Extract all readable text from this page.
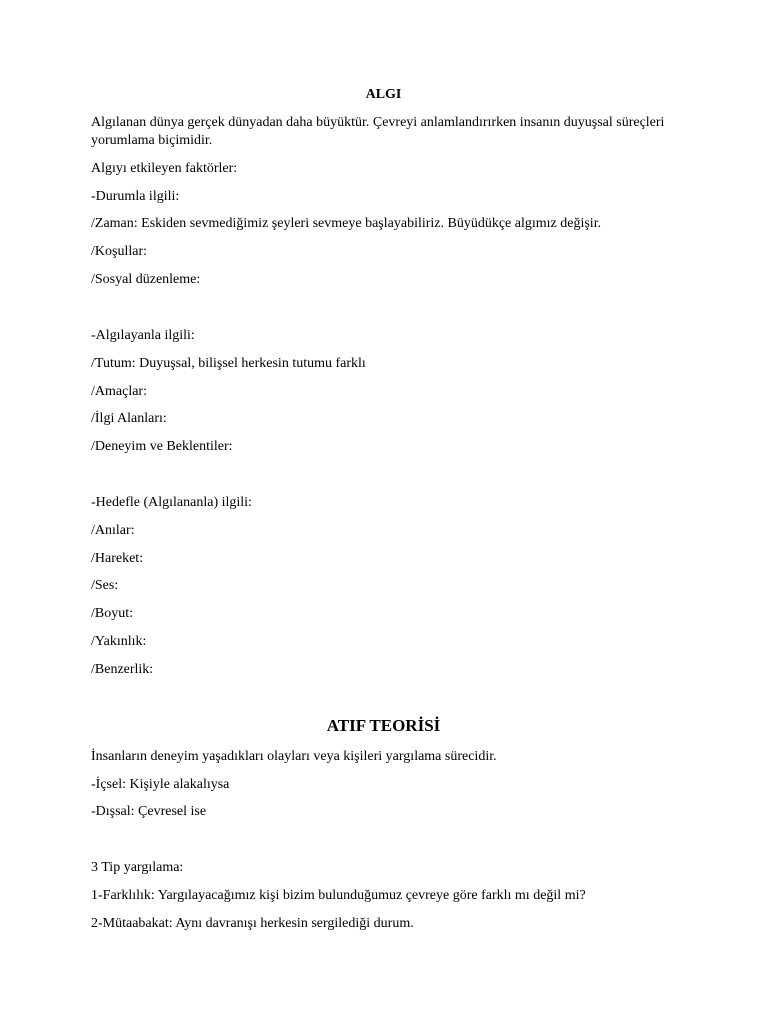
ALGI
Algılanan dünya gerçek dünyadan daha büyüktür. Çevreyi anlamlandırırken insanın duyuşsal süreçleri yorumlama biçimidir.
Algıyı etkileyen faktörler:
-Durumla ilgili:
/Zaman: Eskiden sevmediğimiz şeyleri sevmeye başlayabiliriz. Büyüdükçe algımız değişir.
/Koşullar:
/Sosyal düzenleme:
-Algılayanla ilgili:
/Tutum: Duyuşsal, bilişsel herkesin tutumu farklı
/Amaçlar:
/İlgi Alanları:
/Deneyim ve Beklentiler:
-Hedefle (Algılananla) ilgili:
/Anılar:
/Hareket:
/Ses:
/Boyut:
/Yakınlık:
/Benzerlik:
ATIF TEORİSİ
İnsanların deneyim yaşadıkları olayları veya kişileri yargılama sürecidir.
-İçsel: Kişiyle alakalıysa
-Dışsal: Çevresel ise
3 Tip yargılama:
1-Farklılık: Yargılayacağımız kişi bizim bulunduğumuz çevreye göre farklı mı değil mi?
2-Mütaabakat: Aynı davranışı herkesin sergilediği durum.
